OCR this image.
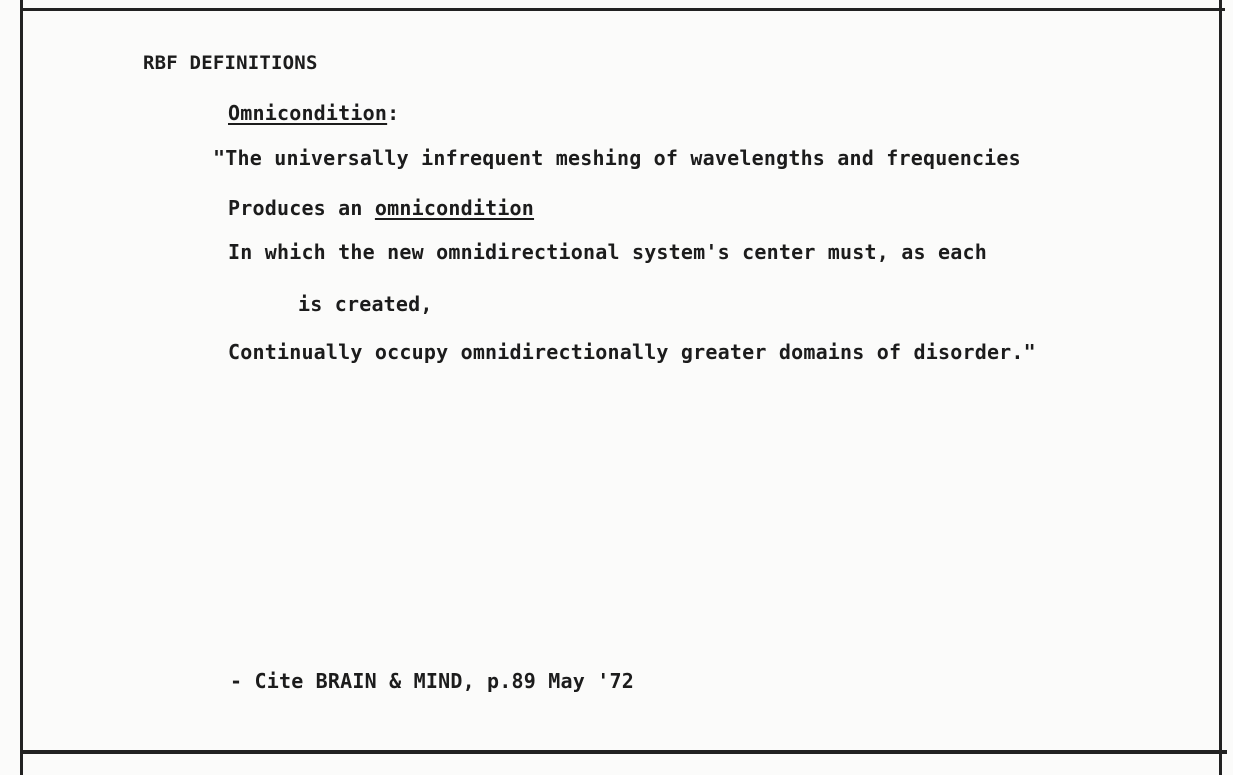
RBF DEFINITIONS
Omnicondition:
"The universally infrequent meshing of wavelengths and frequencies
Produces an omnicondition
In which the new omnidirectional system's center must, as each
is created,
Continually occupy omnidirectionally greater domains of disorder."
- Cite BRAIN & MIND, p.89 May '72
